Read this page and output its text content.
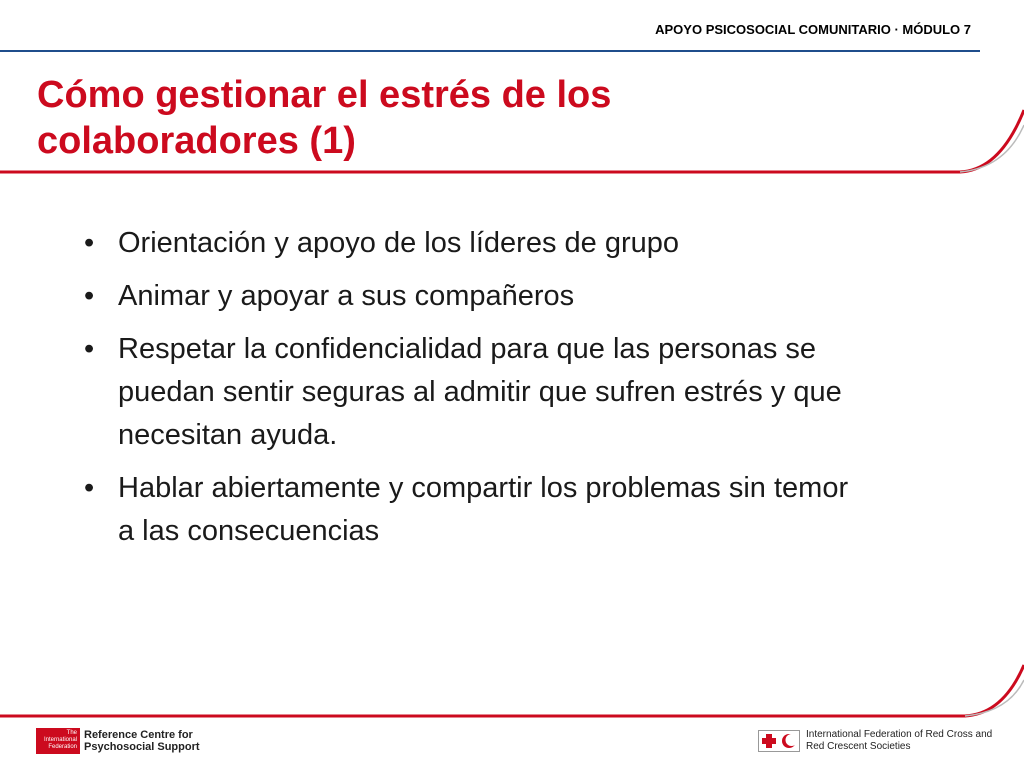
APOYO PSICOSOCIAL COMUNITARIO · MÓDULO 7
Cómo gestionar el estrés de los colaboradores (1)
• Orientación y apoyo de los líderes de grupo
• Animar y apoyar a sus compañeros
• Respetar la confidencialidad para que las personas se puedan sentir seguras al admitir que sufren estrés y que necesitan ayuda.
• Hablar abiertamente y compartir los problemas sin temor a las consecuencias
The International Federation
Reference Centre for Psychosocial Support
International Federation of Red Cross and Red Crescent Societies
